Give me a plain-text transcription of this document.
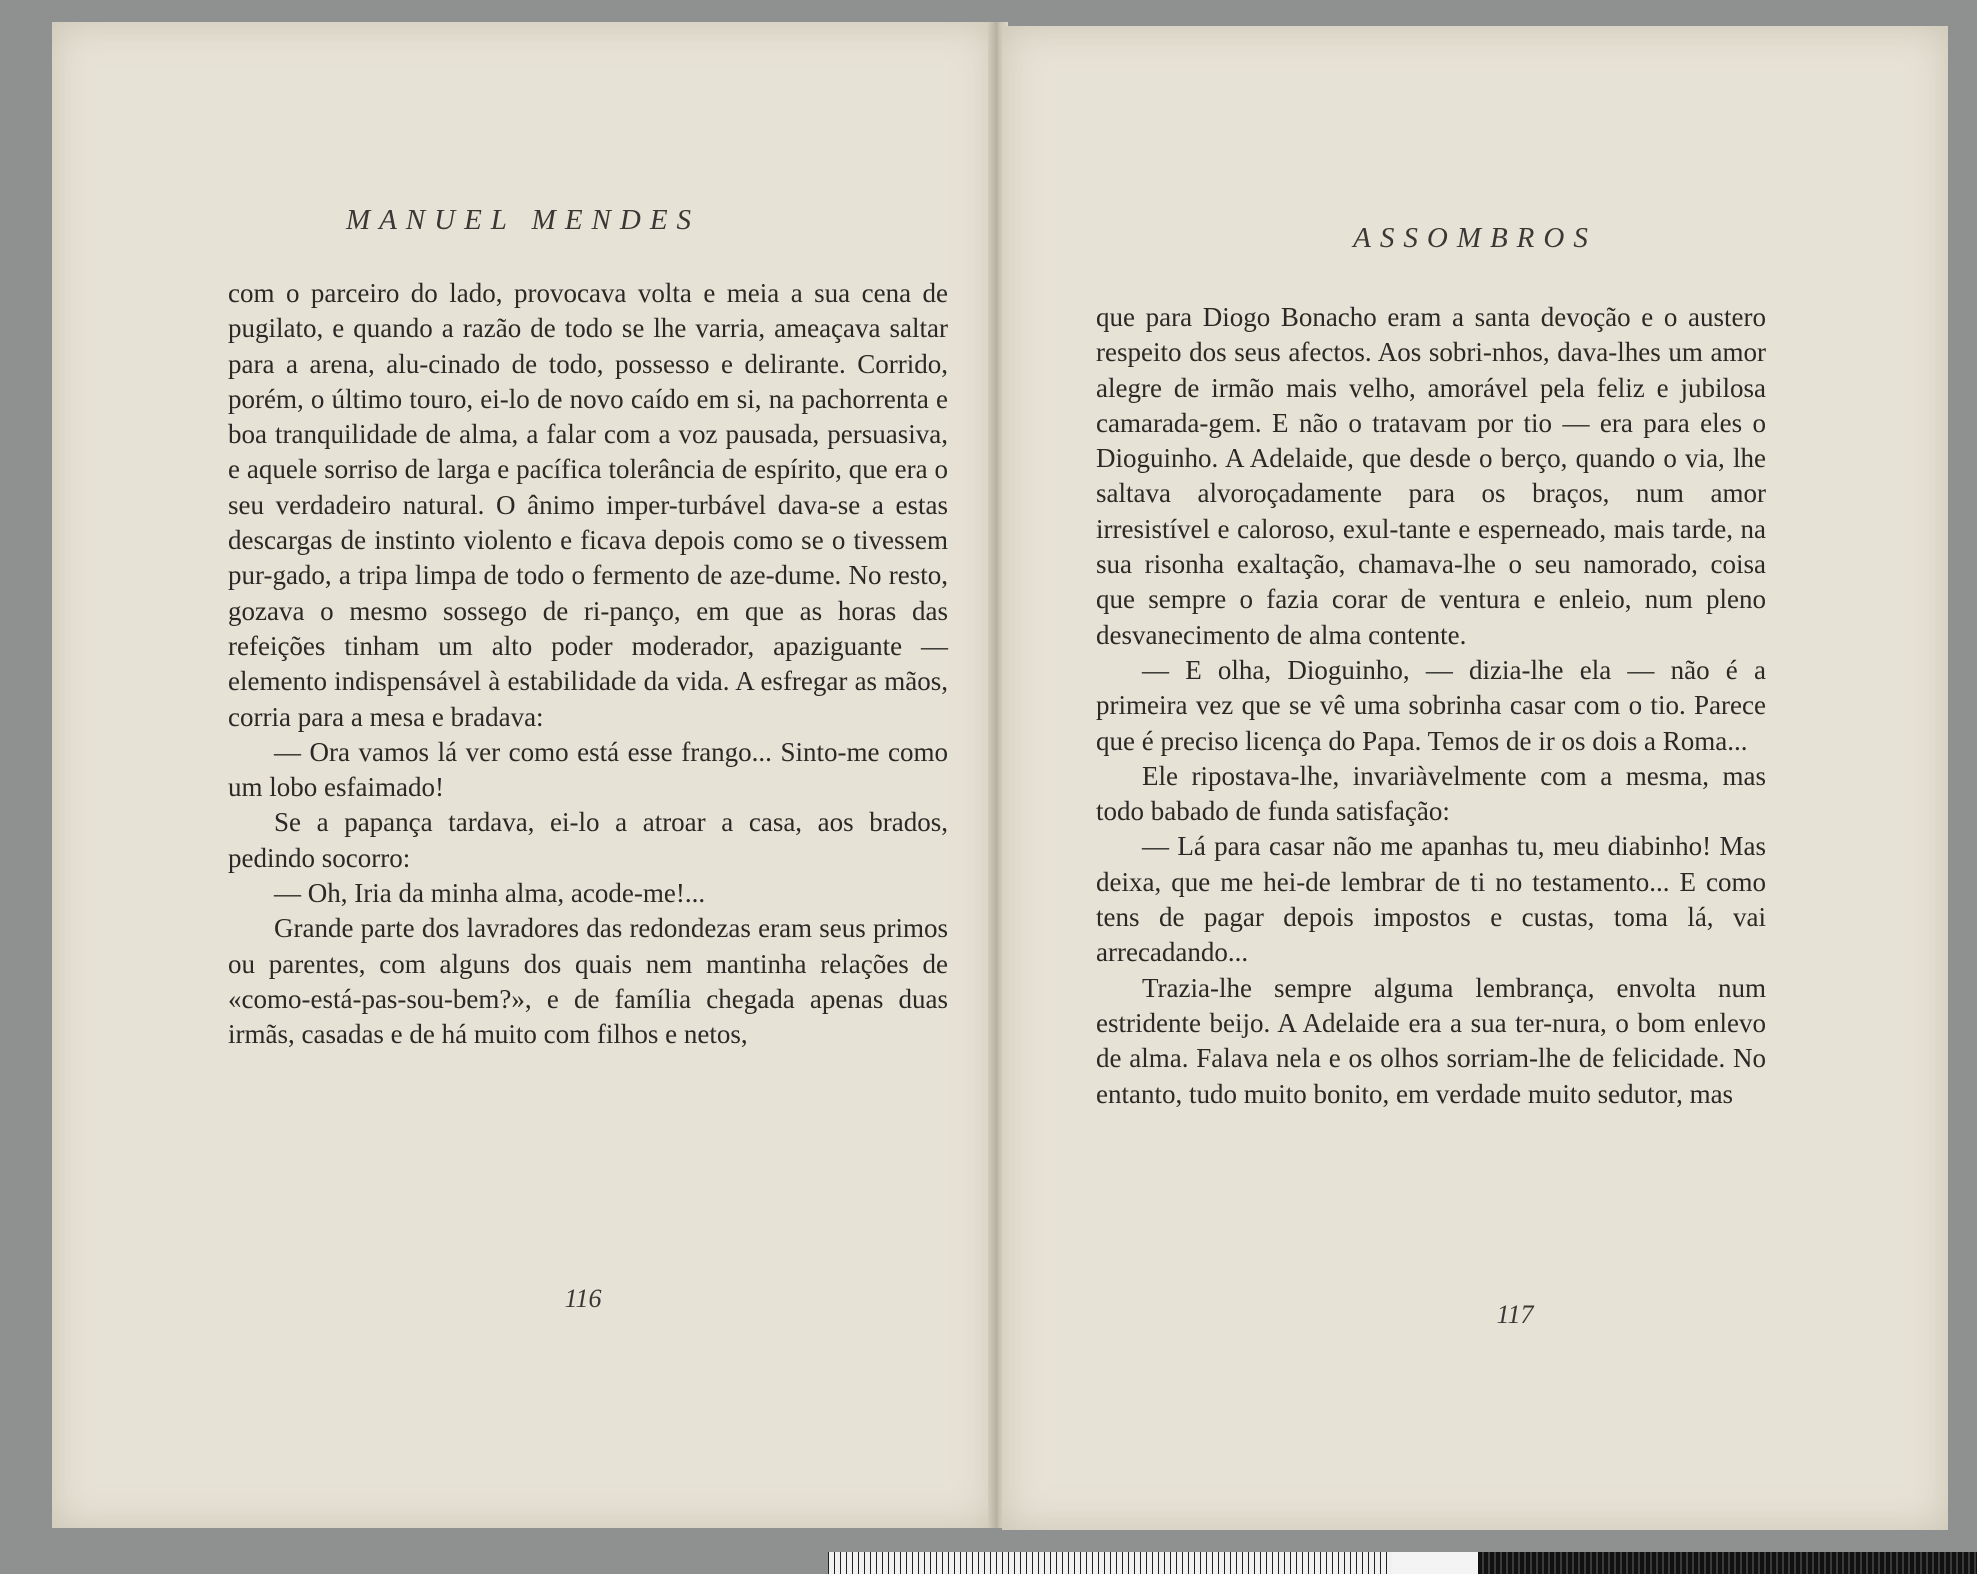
MANUEL MENDES

com o parceiro do lado, provocava volta e meia a sua cena de pugilato, e quando a razão de todo se lhe varria, ameaçava saltar para a arena, alu-cinado de todo, possesso e delirante. Corrido, porém, o último touro, ei-lo de novo caído em si, na pachorrenta e boa tranquilidade de alma, a falar com a voz pausada, persuasiva, e aquele sorriso de larga e pacífica tolerância de espírito, que era o seu verdadeiro natural. O ânimo imper-turbável dava-se a estas descargas de instinto violento e ficava depois como se o tivessem pur-gado, a tripa limpa de todo o fermento de aze-dume. No resto, gozava o mesmo sossego de ri-panço, em que as horas das refeições tinham um alto poder moderador, apaziguante — elemento indispensável à estabilidade da vida. A esfregar as mãos, corria para a mesa e bradava:

— Ora vamos lá ver como está esse frango... Sinto-me como um lobo esfaimado!

Se a papança tardava, ei-lo a atroar a casa, aos brados, pedindo socorro:

— Oh, Iria da minha alma, acode-me!...

Grande parte dos lavradores das redondezas eram seus primos ou parentes, com alguns dos quais nem mantinha relações de «como-está-pas-sou-bem?», e de família chegada apenas duas irmãs, casadas e de há muito com filhos e netos,

116

ASSOMBROS

que para Diogo Bonacho eram a santa devoção e o austero respeito dos seus afectos. Aos sobri-nhos, dava-lhes um amor alegre de irmão mais velho, amorável pela feliz e jubilosa camarada-gem. E não o tratavam por tio — era para eles o Dioguinho. A Adelaide, que desde o berço, quando o via, lhe saltava alvoroçadamente para os braços, num amor irresistível e caloroso, exul-tante e esperneado, mais tarde, na sua risonha exaltação, chamava-lhe o seu namorado, coisa que sempre o fazia corar de ventura e enleio, num pleno desvanecimento de alma contente.

— E olha, Dioguinho, — dizia-lhe ela — não é a primeira vez que se vê uma sobrinha casar com o tio. Parece que é preciso licença do Papa. Temos de ir os dois a Roma...

Ele ripostava-lhe, invariàvelmente com a mesma, mas todo babado de funda satisfação:

— Lá para casar não me apanhas tu, meu diabinho! Mas deixa, que me hei-de lembrar de ti no testamento... E como tens de pagar depois impostos e custas, toma lá, vai arrecadando...

Trazia-lhe sempre alguma lembrança, envolta num estridente beijo. A Adelaide era a sua ter-nura, o bom enlevo de alma. Falava nela e os olhos sorriam-lhe de felicidade. No entanto, tudo muito bonito, em verdade muito sedutor, mas

117
